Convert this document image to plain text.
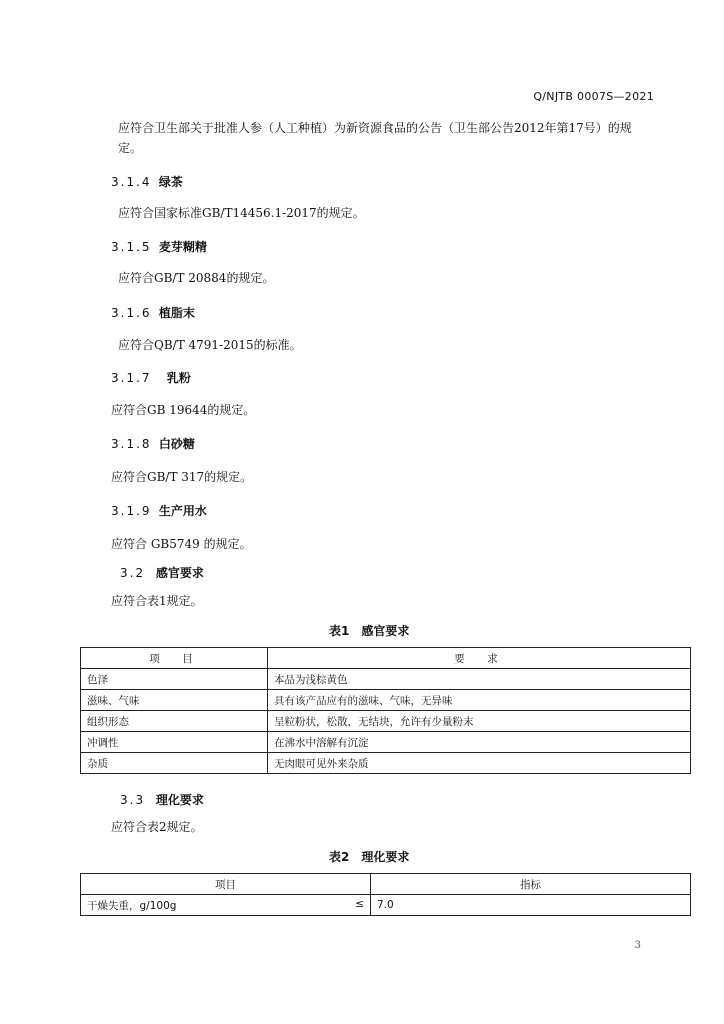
Q/NJTB 0007S—2021
应符合卫生部关于批准人参（人工种植）为新资源食品的公告（卫生部公告2012年第17号）的规
定。
3.1.4 绿茶
应符合国家标准GB/T14456.1-2017的规定。
3.1.5 麦芽糊精
应符合GB/T 20884的规定。
3.1.6 植脂末
应符合QB/T 4791-2015的标准。
3.1.7 乳粉
应符合GB 19644的规定。
3.1.8 白砂糖
应符合GB/T 317的规定。
3.1.9 生产用水
应符合 GB5749 的规定。
3.2 感官要求
应符合表1规定。
表1　感官要求
项　目	要　求
色泽	本品为浅棕黄色
滋味、气味	具有该产品应有的滋味、气味，无异味
组织形态	呈粒粉状，松散，无结块，允许有少量粉末
冲调性	在沸水中溶解有沉淀
杂质	无肉眼可见外来杂质
3.3 理化要求
应符合表2规定。
表2　理化要求
项目	指标
干燥失重，g/100g ≤	7.0
3
